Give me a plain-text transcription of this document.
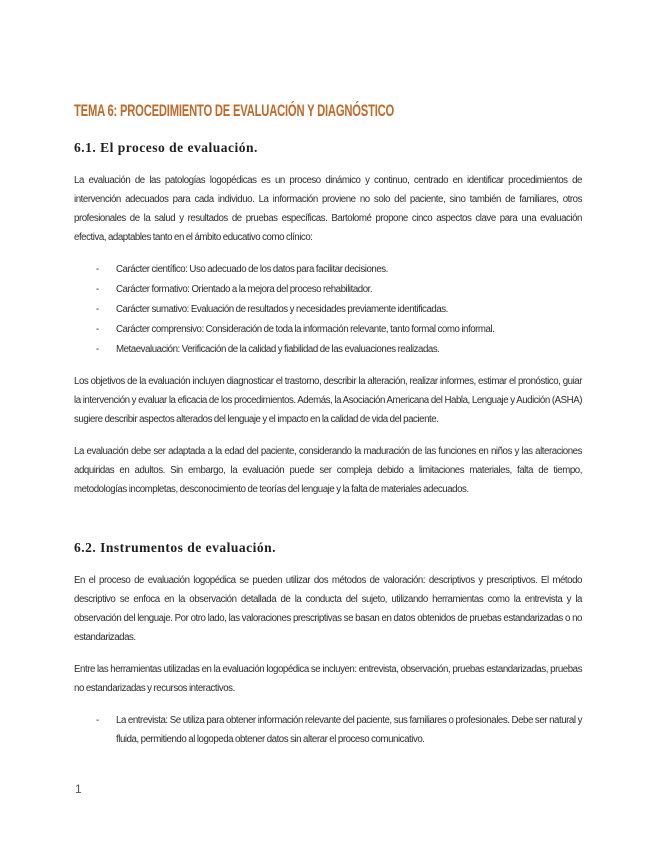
TEMA 6: PROCEDIMIENTO DE EVALUACIÓN Y DIAGNÓSTICO
6.1. El proceso de evaluación.

La evaluación de las patologías logopédicas es un proceso dinámico y continuo, centrado en identificar procedimientos de intervención adecuados para cada individuo. La información proviene no solo del paciente, sino también de familiares, otros profesionales de la salud y resultados de pruebas específicas. Bartolomé propone cinco aspectos clave para una evaluación efectiva, adaptables tanto en el ámbito educativo como clínico:

- Carácter científico: Uso adecuado de los datos para facilitar decisiones.
- Carácter formativo: Orientado a la mejora del proceso rehabilitador.
- Carácter sumativo: Evaluación de resultados y necesidades previamente identificadas.
- Carácter comprensivo: Consideración de toda la información relevante, tanto formal como informal.
- Metaevaluación: Verificación de la calidad y fiabilidad de las evaluaciones realizadas.

Los objetivos de la evaluación incluyen diagnosticar el trastorno, describir la alteración, realizar informes, estimar el pronóstico, guiar la intervención y evaluar la eficacia de los procedimientos. Además, la Asociación Americana del Habla, Lenguaje y Audición (ASHA) sugiere describir aspectos alterados del lenguaje y el impacto en la calidad de vida del paciente.

La evaluación debe ser adaptada a la edad del paciente, considerando la maduración de las funciones en niños y las alteraciones adquiridas en adultos. Sin embargo, la evaluación puede ser compleja debido a limitaciones materiales, falta de tiempo, metodologías incompletas, desconocimiento de teorías del lenguaje y la falta de materiales adecuados.

6.2. Instrumentos de evaluación.

En el proceso de evaluación logopédica se pueden utilizar dos métodos de valoración: descriptivos y prescriptivos. El método descriptivo se enfoca en la observación detallada de la conducta del sujeto, utilizando herramientas como la entrevista y la observación del lenguaje. Por otro lado, las valoraciones prescriptivas se basan en datos obtenidos de pruebas estandarizadas o no estandarizadas.

Entre las herramientas utilizadas en la evaluación logopédica se incluyen: entrevista, observación, pruebas estandarizadas, pruebas no estandarizadas y recursos interactivos.

- La entrevista: Se utiliza para obtener información relevante del paciente, sus familiares o profesionales. Debe ser natural y fluida, permitiendo al logopeda obtener datos sin alterar el proceso comunicativo.
1
